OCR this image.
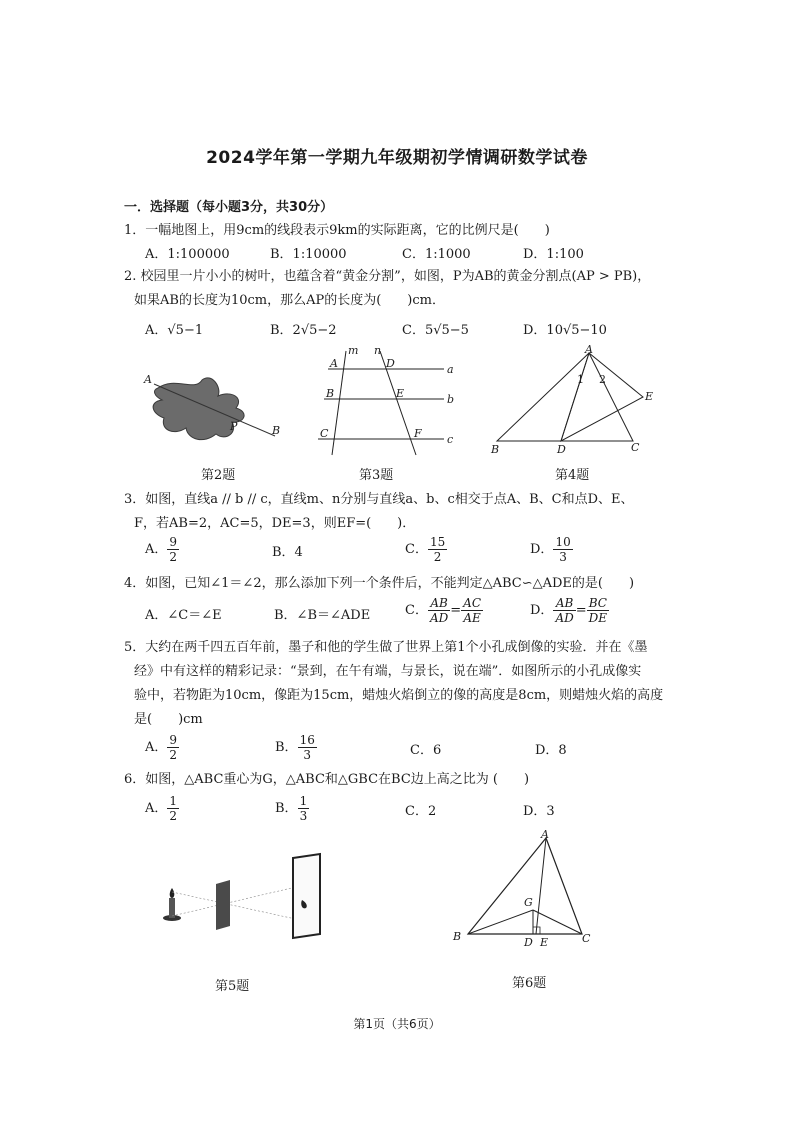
2024学年第一学期九年级期初学情调研数学试卷
一．选择题（每小题3分，共30分）
1．一幅地图上，用9cm的线段表示9km的实际距离，它的比例尺是(　　)
A．1:100000	B．1:10000	C．1:1000	D．1:100
2. 校园里一片小小的树叶，也蕴含着“黄金分割”，如图，P为AB的黄金分割点(AP > PB)，
如果AB的长度为10cm，那么AP的长度为(　　)cm．
A．√5−1	B．2√5−2	C．5√5−5	D．10√5−10
A
P	B
第2题
m n
A	D	a
B	E	b
C	F c
第3题
A
1 2
E
B	D	C
第4题
3．如图，直线a // b // c，直线m、n分别与直线a、b、c相交于点A、B、C和点D、E、
F，若AB=2，AC=5，DE=3，则EF=(　　)．
A． $\frac{9}{2}$	B．4	C． $\frac{15}{2}$	D． $\frac{10}{3}$
4．如图，已知∠1＝∠2，那么添加下列一个条件后，不能判定△ABC∽△ADE的是(　　)
A．∠C＝∠E	B．∠B＝∠ADE	C． $\frac{AB}{AD} = \frac{AC}{AE}$	D． $\frac{AB}{AD} = \frac{BC}{DE}$
5．大约在两千四五百年前，墨子和他的学生做了世界上第1个小孔成倒像的实验．并在《墨
经》中有这样的精彩记录：“景到，在午有端，与景长，说在端”．如图所示的小孔成像实
验中，若物距为10cm，像距为15cm，蜡烛火焰倒立的像的高度是8cm，则蜡烛火焰的高度
是(　　)cm
A． $\frac{9}{2}$	B． $\frac{16}{3}$	C．6	D．8
6．如图，△ABC重心为G，△ABC和△GBC在BC边上高之比为 (　　)
A． $\frac{1}{2}$	B． $\frac{1}{3}$	C．2	D．3
第5题
A
G
B	D E	C
第6题
第1页（共6页）
